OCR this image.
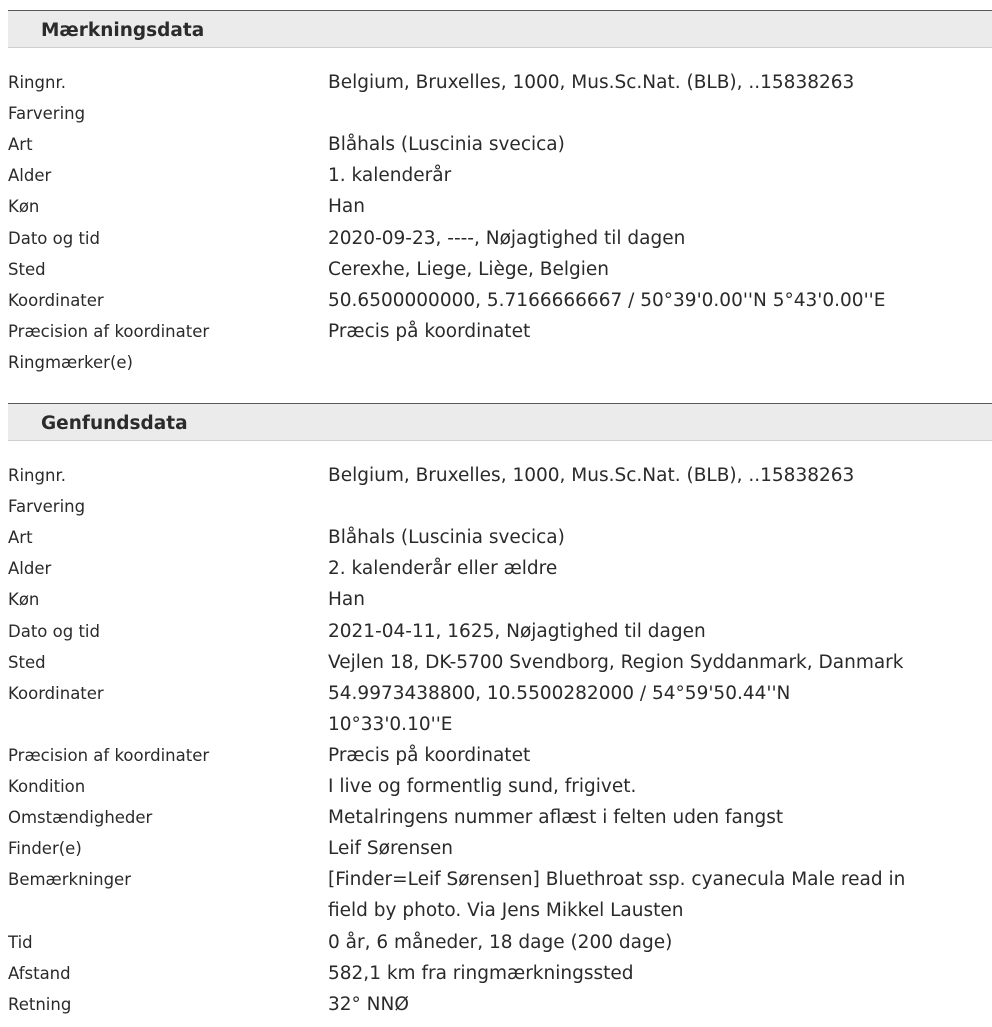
Mærkningsdata
Ringnr.	Belgium, Bruxelles, 1000, Mus.Sc.Nat. (BLB), ..15838263
Farvering
Art	Blåhals (Luscinia svecica)
Alder	1. kalenderår
Køn	Han
Dato og tid	2020-09-23, ----, Nøjagtighed til dagen
Sted	Cerexhe, Liege, Liège, Belgien
Koordinater	50.6500000000, 5.7166666667 / 50°39'0.00''N 5°43'0.00''E
Præcision af koordinater	Præcis på koordinatet
Ringmærker(e)
Genfundsdata
Ringnr.	Belgium, Bruxelles, 1000, Mus.Sc.Nat. (BLB), ..15838263
Farvering
Art	Blåhals (Luscinia svecica)
Alder	2. kalenderår eller ældre
Køn	Han
Dato og tid	2021-04-11, 1625, Nøjagtighed til dagen
Sted	Vejlen 18, DK-5700 Svendborg, Region Syddanmark, Danmark
Koordinater	54.9973438800, 10.5500282000 / 54°59'50.44''N
10°33'0.10''E
Præcision af koordinater	Præcis på koordinatet
Kondition	I live og formentlig sund, frigivet.
Omstændigheder	Metalringens nummer aflæst i felten uden fangst
Finder(e)	Leif Sørensen
Bemærkninger	[Finder=Leif Sørensen] Bluethroat ssp. cyanecula Male read in
field by photo. Via Jens Mikkel Lausten
Tid	0 år, 6 måneder, 18 dage (200 dage)
Afstand	582,1 km fra ringmærkningssted
Retning	32° NNØ
